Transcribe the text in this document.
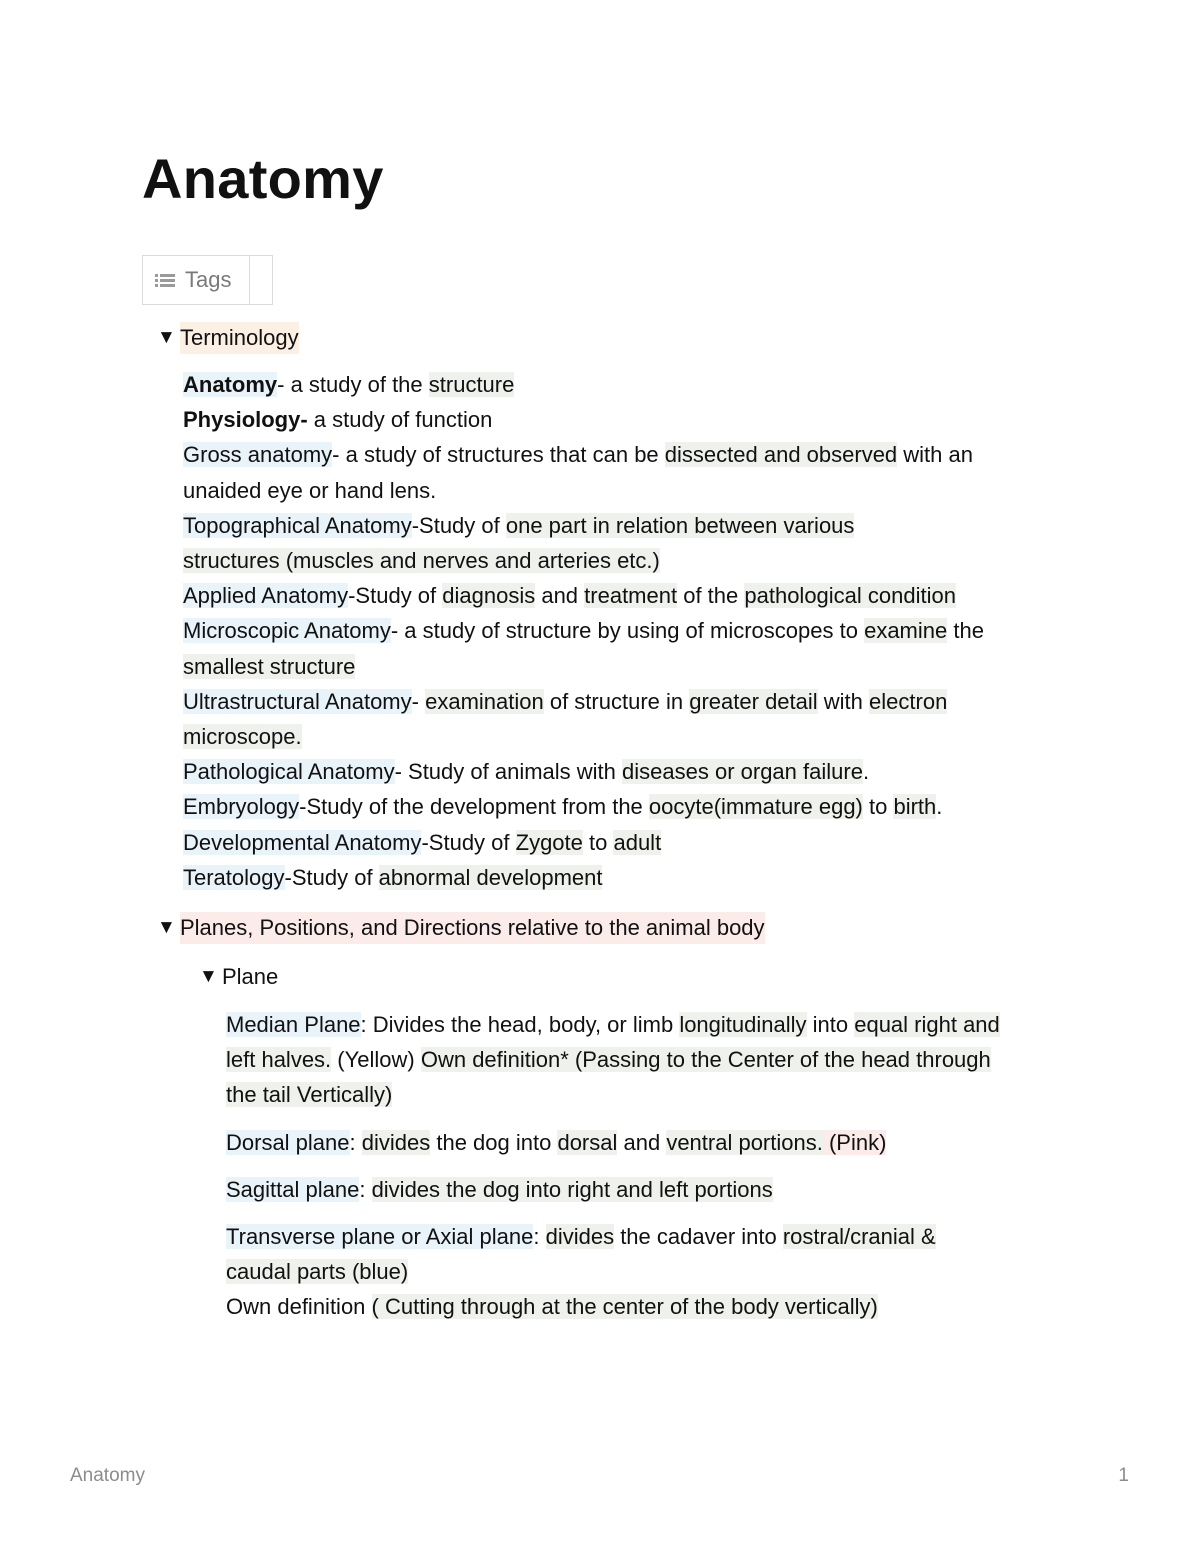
Anatomy
Tags
▼ Terminology
Anatomy- a study of the structure
Physiology- a study of function
Gross anatomy- a study of structures that can be dissected and observed with an
unaided eye or hand lens.
Topographical Anatomy-Study of one part in relation between various
structures (muscles and nerves and arteries etc.)
Applied Anatomy-Study of diagnosis and treatment of the pathological condition
Microscopic Anatomy- a study of structure by using of microscopes to examine the
smallest structure
Ultrastructural Anatomy- examination of structure in greater detail with electron
microscope.
Pathological Anatomy- Study of animals with diseases or organ failure.
Embryology-Study of the development from the oocyte(immature egg) to birth.
Developmental Anatomy-Study of Zygote to adult
Teratology-Study of abnormal development
▼ Planes, Positions, and Directions relative to the animal body
▼ Plane
Median Plane: Divides the head, body, or limb longitudinally into equal right and
left halves. (Yellow) Own definition* (Passing to the Center of the head through
the tail Vertically)
Dorsal plane: divides the dog into dorsal and ventral portions. (Pink)
Sagittal plane: divides the dog into right and left portions
Transverse plane or Axial plane: divides the cadaver into rostral/cranial &
caudal parts (blue)
Own definition ( Cutting through at the center of the body vertically)
Anatomy	1
